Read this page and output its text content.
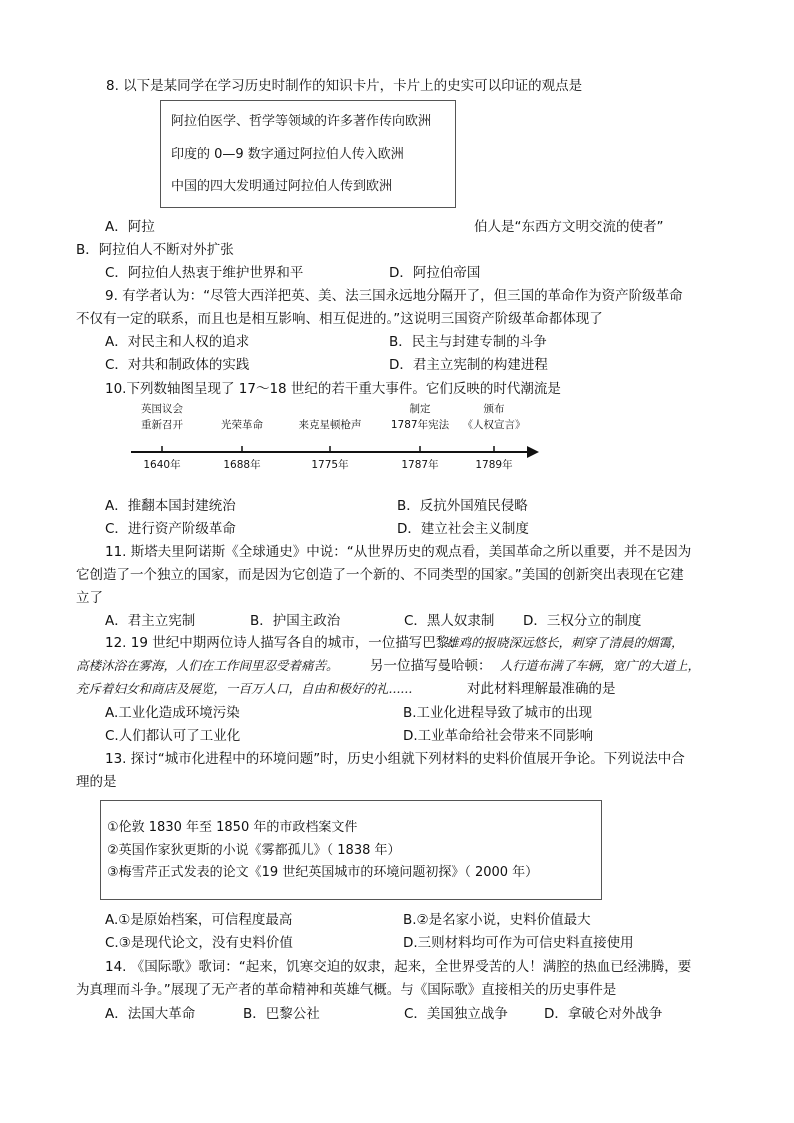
8. 以下是某同学在学习历史时制作的知识卡片，卡片上的史实可以印证的观点是
阿拉伯医学、哲学等领域的许多著作传向欧洲
印度的 0—9 数字通过阿拉伯人传入欧洲
中国的四大发明通过阿拉伯人传到欧洲
A．阿拉	伯人是“东西方文明交流的使者”
B．阿拉伯人不断对外扩张
C．阿拉伯人热衷于维护世界和平	D．阿拉伯帝国
9. 有学者认为：“尽管大西洋把英、美、法三国永远地分隔开了，但三国的革命作为资产阶级革命
不仅有一定的联系，而且也是相互影响、相互促进的。”这说明三国资产阶级革命都体现了
A．对民主和人权的追求	B．民主与封建专制的斗争
C．对共和制政体的实践	D．君主立宪制的构建进程
10.下列数轴图呈现了 17～18 世纪的若干重大事件。它们反映的时代潮流是
英国议会
重新召开
1640年
光荣革命
1688年
来克星顿枪声
1775年
制定
1787年宪法
1787年
颁布
《人权宣言》
1789年
A．推翻本国封建统治	B．反抗外国殖民侵略
C．进行资产阶级革命	D．建立社会主义制度
11. 斯塔夫里阿诺斯《全球通史》中说：“从世界历史的观点看，美国革命之所以重要，并不是因为
它创造了一个独立的国家，而是因为它创造了一个新的、不同类型的国家。”美国的创新突出表现在它建
立了
A．君主立宪制	B．护国主政治	C．黑人奴隶制 D．三权分立的制度
12. 19 世纪中期两位诗人描写各自的城市，一位描写巴黎:
雄鸡的报晓深远悠长，刺穿了清晨的烟霭，
高楼沐浴在雾海，人们在工作间里忍受着痛苦。 另一位描写曼哈顿： 人行道布满了车辆，宽广的大道上，
充斥着妇女和商店及展览，一百万人口，自由和极好的礼......	对此材料理解最准确的是
A.工业化造成环境污染	B.工业化进程导致了城市的出现
C.人们都认可了工业化	D.工业革命给社会带来不同影响
13. 探讨“城市化进程中的环境问题”时，历史小组就下列材料的史料价值展开争论。下列说法中合
理的是
①伦敦 1830 年至 1850 年的市政档案文件
②英国作家狄更斯的小说《雾都孤儿》（ 1838 年）
③梅雪芹正式发表的论文《19 世纪英国城市的环境问题初探》（ 2000 年）
A.①是原始档案，可信程度最高	B.②是名家小说，史料价值最大
C.③是现代论文，没有史料价值	D.三则材料均可作为可信史料直接使用
14. 《国际歌》歌词：“起来，饥寒交迫的奴隶，起来，全世界受苦的人！满腔的热血已经沸腾，要
为真理而斗争。”展现了无产者的革命精神和英雄气概。与《国际歌》直接相关的历史事件是
A．法国大革命	B．巴黎公社	C．美国独立战争	D．拿破仑对外战争
